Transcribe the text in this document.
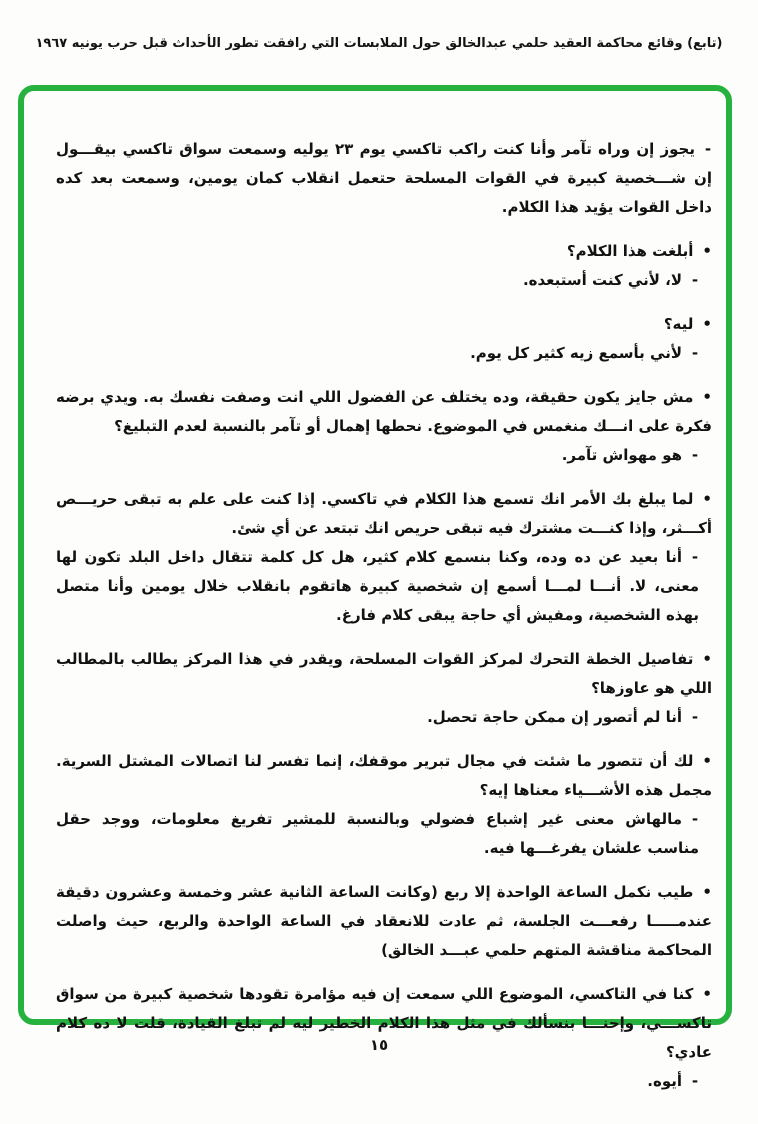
(تابع) وقائع محاكمة العقيد حلمي عبدالخالق حول الملابسات التي رافقت تطور الأحداث قبل حرب يونيه ١٩٦٧
-يجوز إن وراه تآمر وأنا كنت راكب تاكسي يوم ٢٣ يوليه وسمعت سواق تاكسي بيقـــول إن شـــخصية كبيرة في القوات المسلحة حتعمل انقلاب كمان يومين، وسمعت بعد كده داخل القوات يؤيد هذا الكلام.
•أبلغت هذا الكلام؟
-لا، لأني كنت أستبعده.
•ليه؟
-لأني بأسمع زيه كثير كل يوم.
•مش جايز يكون حقيقة، وده يختلف عن الفضول اللي انت وصفت نفسك به. ويدي برضه فكرة على انـــك منغمس في الموضوع. نحطها إهمال أو تآمر بالنسبة لعدم التبليغ؟
-هو مهواش تآمر.
•لما يبلغ بك الأمر انك تسمع هذا الكلام في تاكسي. إذا كنت على علم به تبقى حريـــص أكـــثر، وإذا كنـــت مشترك فيه تبقى حريص انك تبتعد عن أي شئ.
-أنا بعيد عن ده وده، وكنا بنسمع كلام كثير، هل كل كلمة تتقال داخل البلد تكون لها معنى، لا. أنـــا لمـــا أسمع إن شخصية كبيرة هاتقوم بانقلاب خلال يومين وأنا متصل بهذه الشخصية، ومفيش أي حاجة يبقى كلام فارغ.
•تفاصيل الخطة التحرك لمركز القوات المسلحة، ويقدر في هذا المركز يطالب بالمطالب اللي هو عاوزها؟
-أنا لم أتصور إن ممكن حاجة تحصل.
•لك أن تتصور ما شئت في مجال تبرير موقفك، إنما تفسر لنا اتصالات المشتل السرية. مجمل هذه الأشـــياء معناها إيه؟
-مالهاش معنى غير إشباع فضولي وبالنسبة للمشير تفريغ معلومات، ووجد حقل مناسب علشان يفرغـــها فيه.
•طيب نكمل الساعة الواحدة إلا ربع (وكانت الساعة الثانية عشر وخمسة وعشرون دقيقة عندمـــــا رفعـــت الجلسة، ثم عادت للانعقاد في الساعة الواحدة والربع، حيث واصلت المحاكمة مناقشة المتهم حلمي عبـــد الخالق)
•كنا في التاكسي، الموضوع اللي سمعت إن فيه مؤامرة تقودها شخصية كبيرة من سواق تاكســـي، وإحنـــا بنسألك في مثل هذا الكلام الخطير ليه لم تبلغ القيادة، قلت لا ده كلام عادي؟
-أيوه.
١٥
